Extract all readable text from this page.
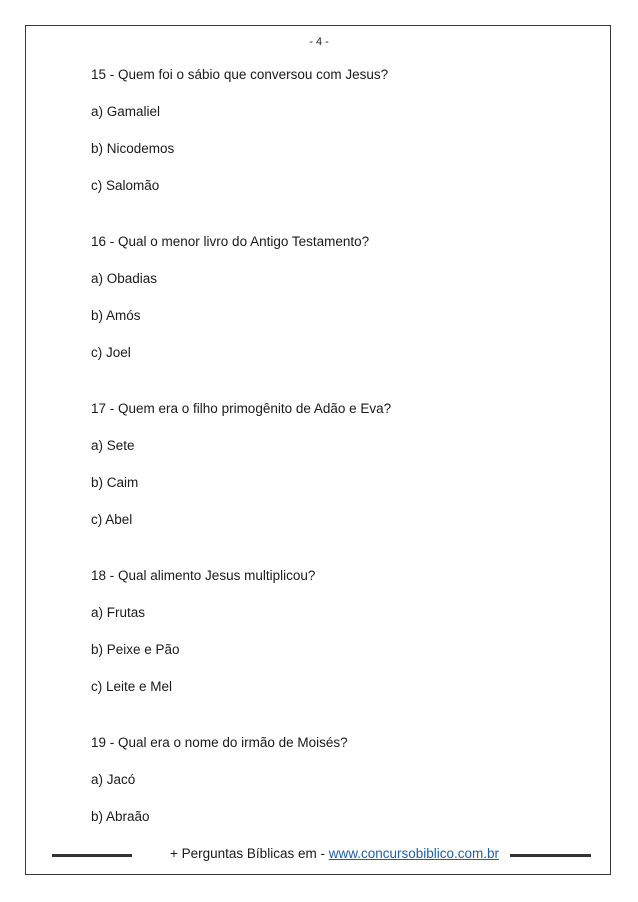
- 4 -

15 - Quem foi o sábio que conversou com Jesus?

a) Gamaliel

b) Nicodemos

c) Salomão

16 - Qual o menor livro do Antigo Testamento?

a) Obadias

b) Amós

c) Joel

17 - Quem era o filho primogênito de Adão e Eva?

a) Sete

b) Caim

c) Abel

18 - Qual alimento Jesus multiplicou?

a) Frutas

b) Peixe e Pão

c) Leite e Mel

19 - Qual era o nome do irmão de Moisés?

a) Jacó

b) Abraão

+ Perguntas Bíblicas em - www.concursobiblico.com.br
